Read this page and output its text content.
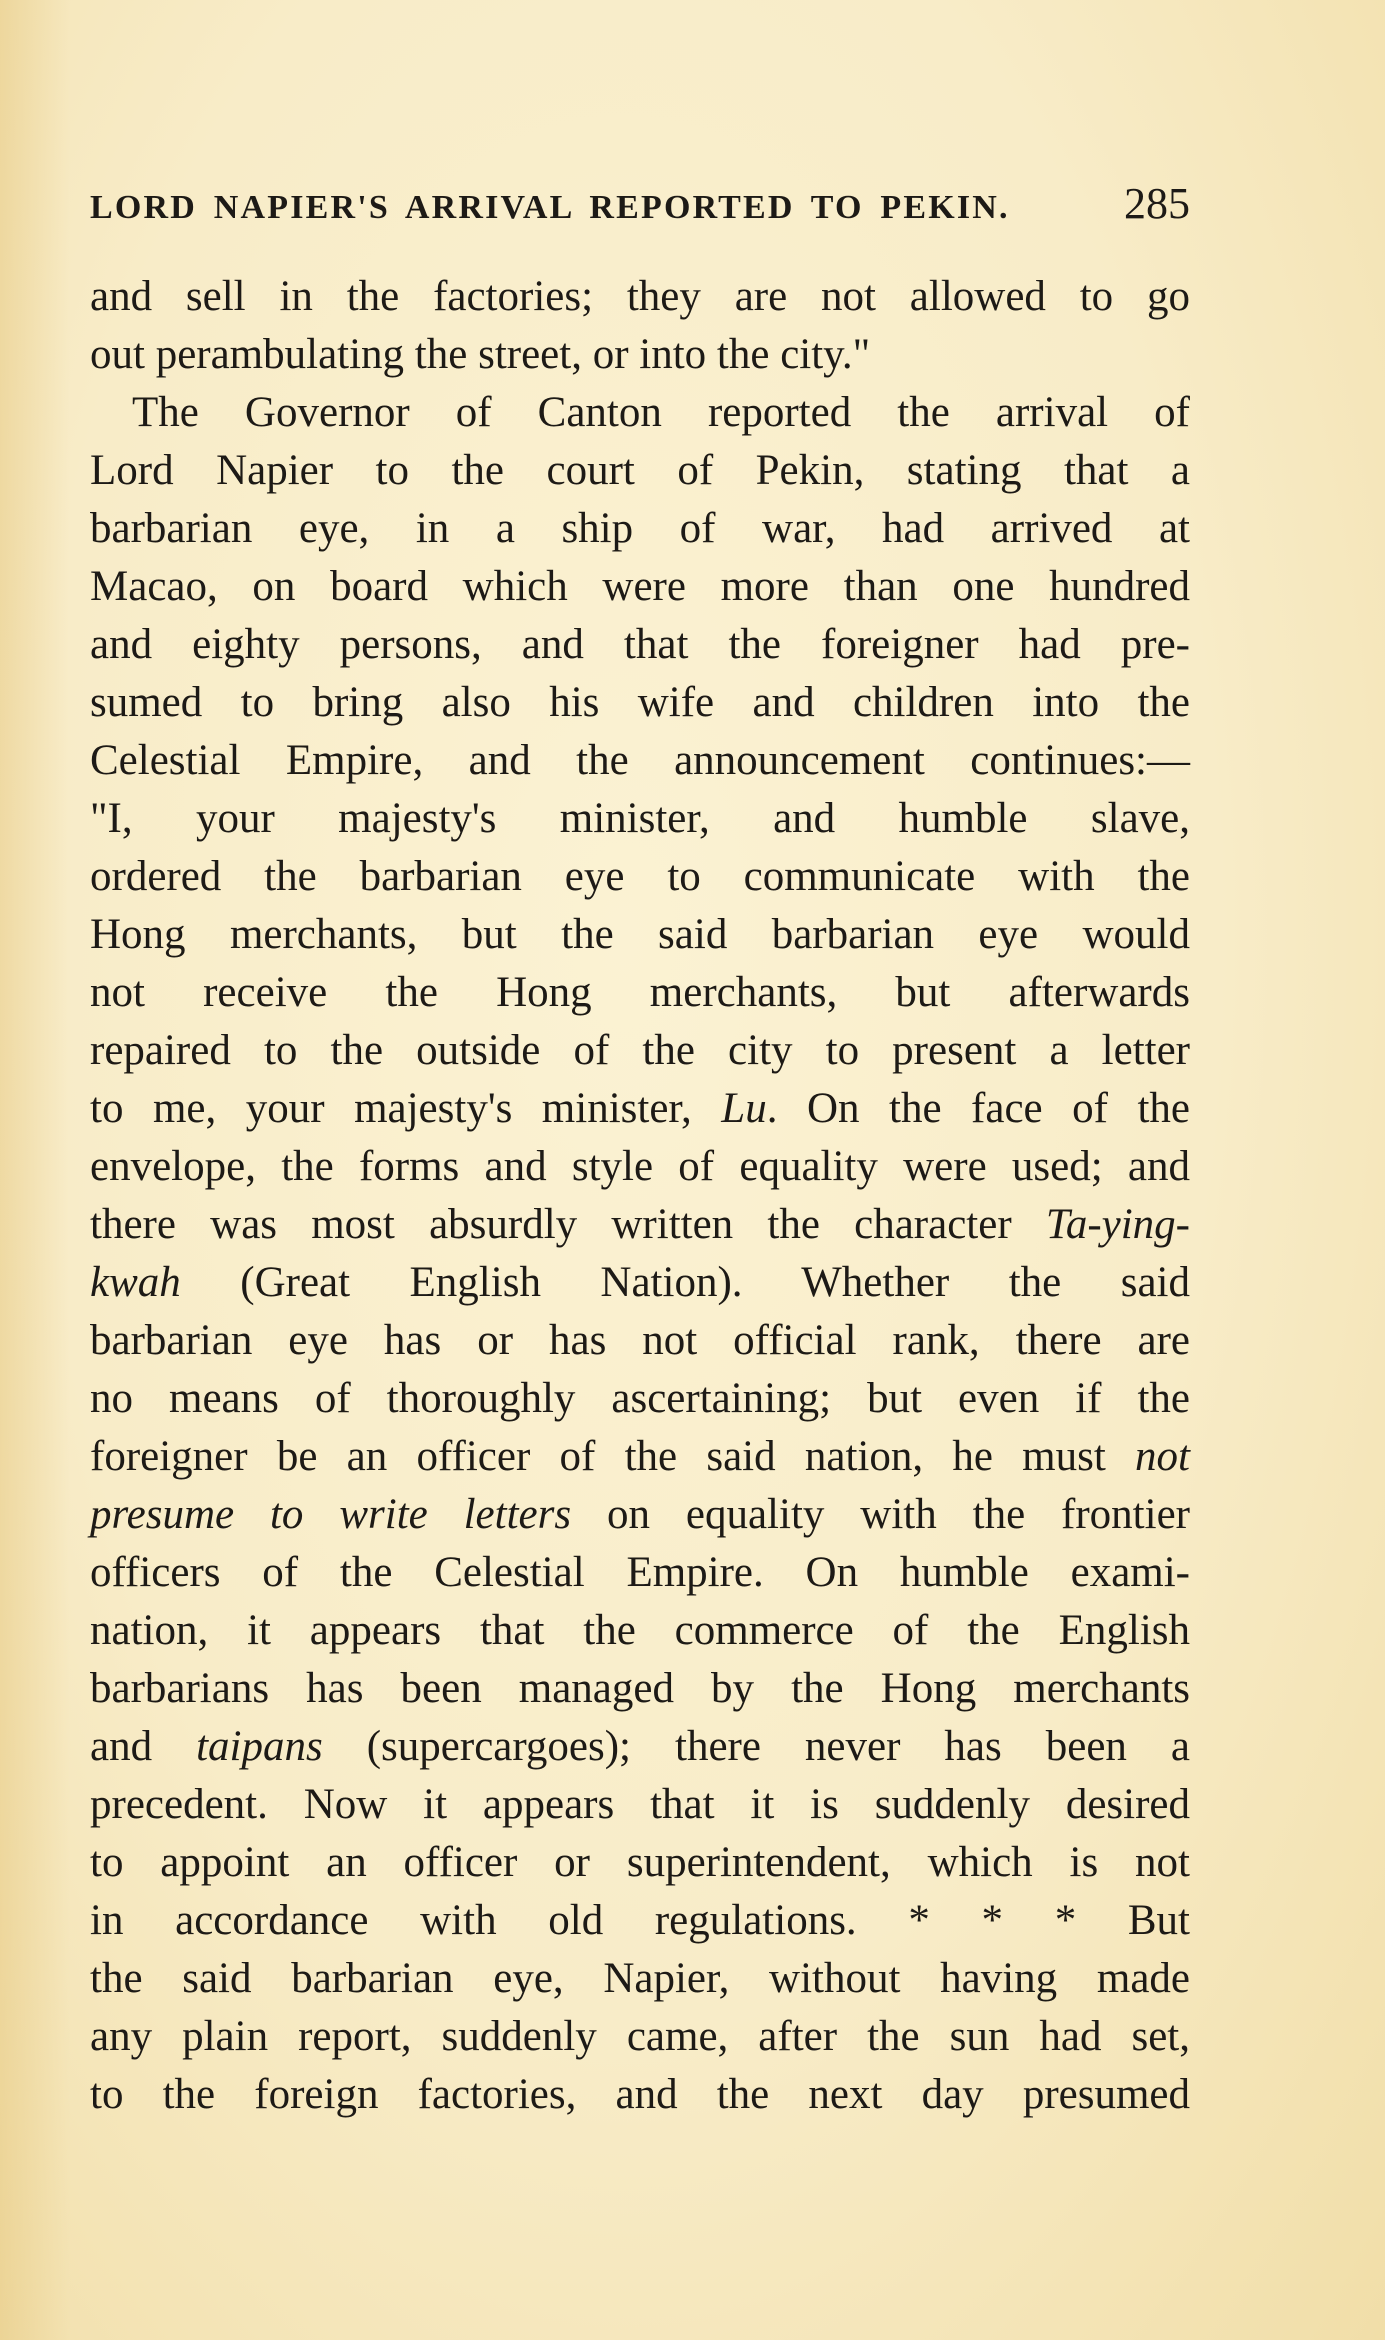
LORD NAPIER'S ARRIVAL REPORTED TO PEKIN.	285
and sell in the factories; they are not allowed to go
out perambulating the street, or into the city."
The Governor of Canton reported the arrival of
Lord Napier to the court of Pekin, stating that a
barbarian eye, in a ship of war, had arrived at
Macao, on board which were more than one hundred
and eighty persons, and that the foreigner had pre-
sumed to bring also his wife and children into the
Celestial Empire, and the announcement continues:—
"I, your majesty's minister, and humble slave,
ordered the barbarian eye to communicate with the
Hong merchants, but the said barbarian eye would
not receive the Hong merchants, but afterwards
repaired to the outside of the city to present a letter
to me, your majesty's minister, Lu. On the face of the
envelope, the forms and style of equality were used; and
there was most absurdly written the character Ta-ying-
kwah (Great English Nation). Whether the said
barbarian eye has or has not official rank, there are
no means of thoroughly ascertaining; but even if the
foreigner be an officer of the said nation, he must not
presume to write letters on equality with the frontier
officers of the Celestial Empire. On humble exami-
nation, it appears that the commerce of the English
barbarians has been managed by the Hong merchants
and taipans (supercargoes); there never has been a
precedent. Now it appears that it is suddenly desired
to appoint an officer or superintendent, which is not
in accordance with old regulations. * * * But
the said barbarian eye, Napier, without having made
any plain report, suddenly came, after the sun had set,
to the foreign factories, and the next day presumed
